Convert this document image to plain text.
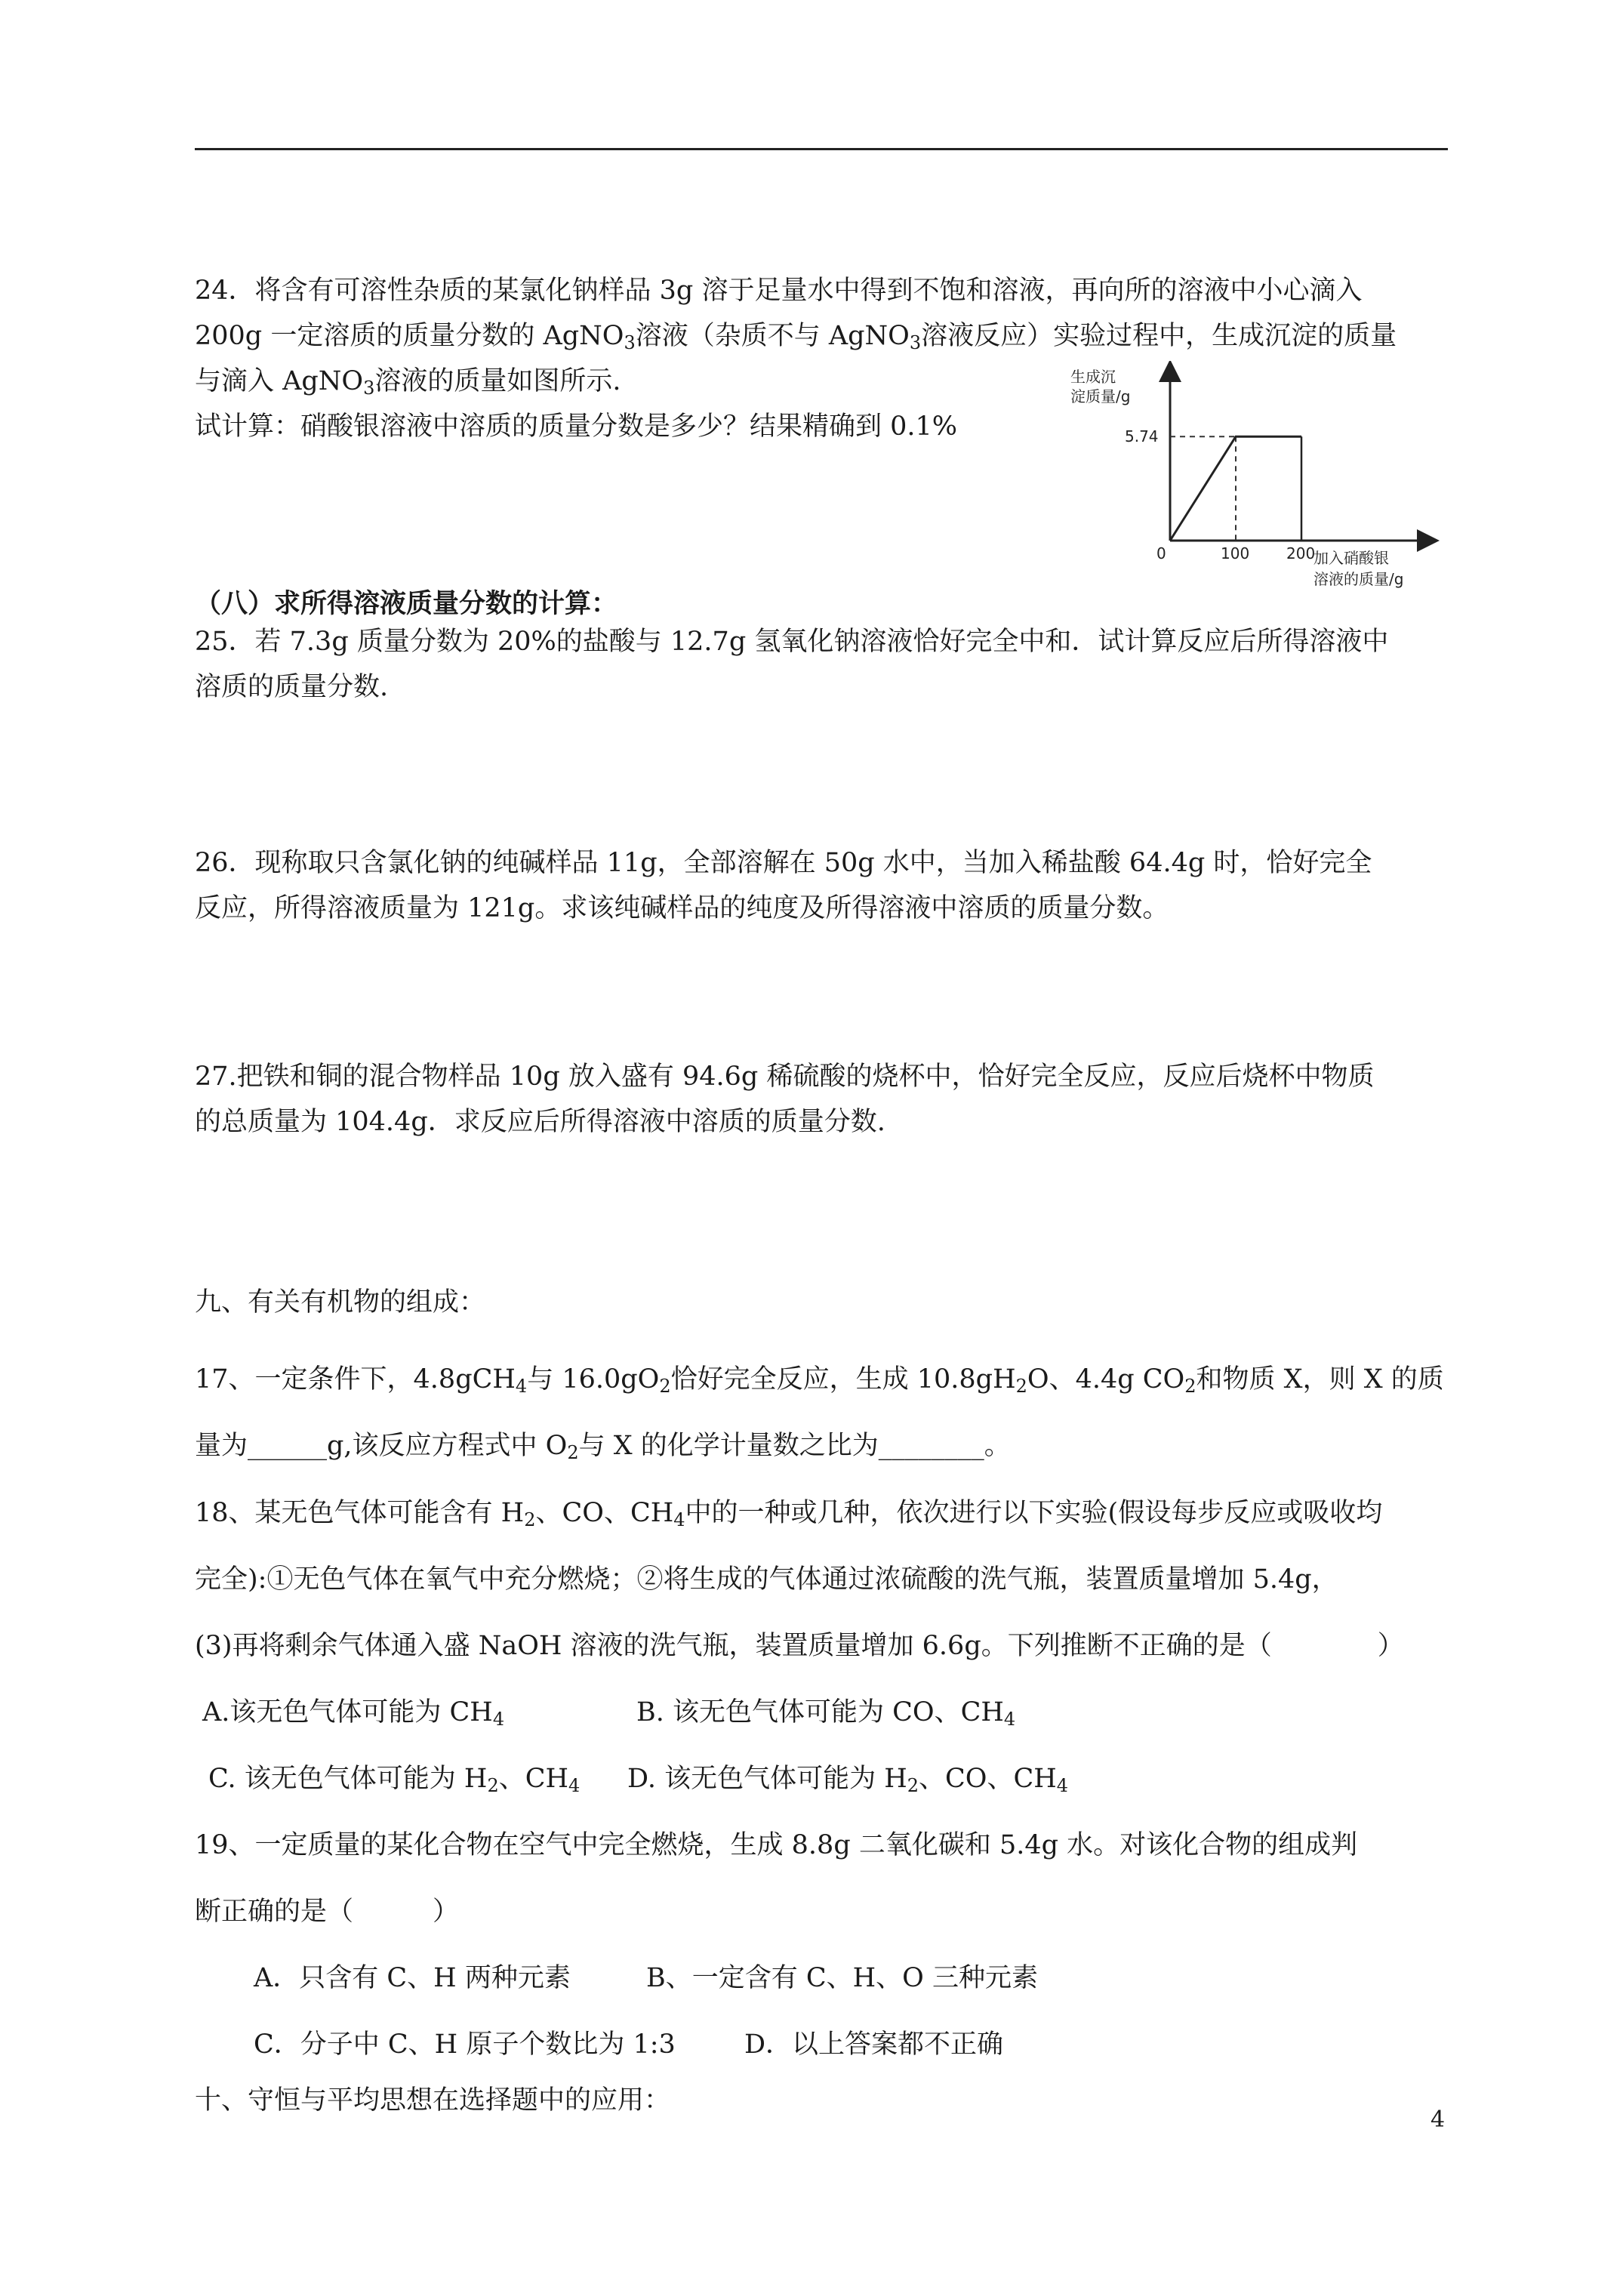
24．将含有可溶性杂质的某氯化钠样品 3g 溶于足量水中得到不饱和溶液，再向所的溶液中小心滴入
200g 一定溶质的质量分数的 AgNO$_3$溶液（杂质不与 AgNO$_3$溶液反应）实验过程中，生成沉淀的质量
与滴入 AgNO$_3$溶液的质量如图所示.
试计算：硝酸银溶液中溶质的质量分数是多少？结果精确到 0.1%
生成沉
淀质量/g
0	100 200
5.74
加入硝酸银
溶液的质量/g
（八）求所得溶液质量分数的计算：
25．若 7.3g 质量分数为 20%的盐酸与 12.7g 氢氧化钠溶液恰好完全中和．试计算反应后所得溶液中
溶质的质量分数.
26．现称取只含氯化钠的纯碱样品 11g，全部溶解在 50g 水中，当加入稀盐酸 64.4g 时，恰好完全
反应，所得溶液质量为 121g。求该纯碱样品的纯度及所得溶液中溶质的质量分数。
27.把铁和铜的混合物样品 10g 放入盛有 94.6g 稀硫酸的烧杯中，恰好完全反应，反应后烧杯中物质
的总质量为 104.4g．求反应后所得溶液中溶质的质量分数.
九、有关有机物的组成：
17、一定条件下，4.8gCH$_4$与 $16.0gO_2$恰好完全反应，生成 $10.8gH_2O$、4.4g $CO_2$和物质 X，则 X 的质
量为______g,该反应方程式中 $O_2$与 X 的化学计量数之比为________。
18、某无色气体可能含有 $H_2$、CO、$CH_4$中的一种或几种，依次进行以下实验(假设每步反应或吸收均
完全):①无色气体在氧气中充分燃烧；②将生成的气体通过浓硫酸的洗气瓶，装置质量增加 5.4g，
(3)再将剩余气体通入盛 NaOH 溶液的洗气瓶，装置质量增加 6.6g。下列推断不正确的是（　　　　）
A.该无色气体可能为 $CH_4$	B. 该无色气体可能为 CO、$CH_4$
C. 该无色气体可能为 $H_2$、$CH_4$ D. 该无色气体可能为 $H_2$、CO、$CH_4$
19、一定质量的某化合物在空气中完全燃烧，生成 8.8g 二氧化碳和 5.4g 水。对该化合物的组成判
断正确的是（　　　）
A．只含有 C、H 两种元素	B、一定含有 C、H、O 三种元素
C．分子中 C、H 原子个数比为 1:3	D．以上答案都不正确
十、守恒与平均思想在选择题中的应用：
4
